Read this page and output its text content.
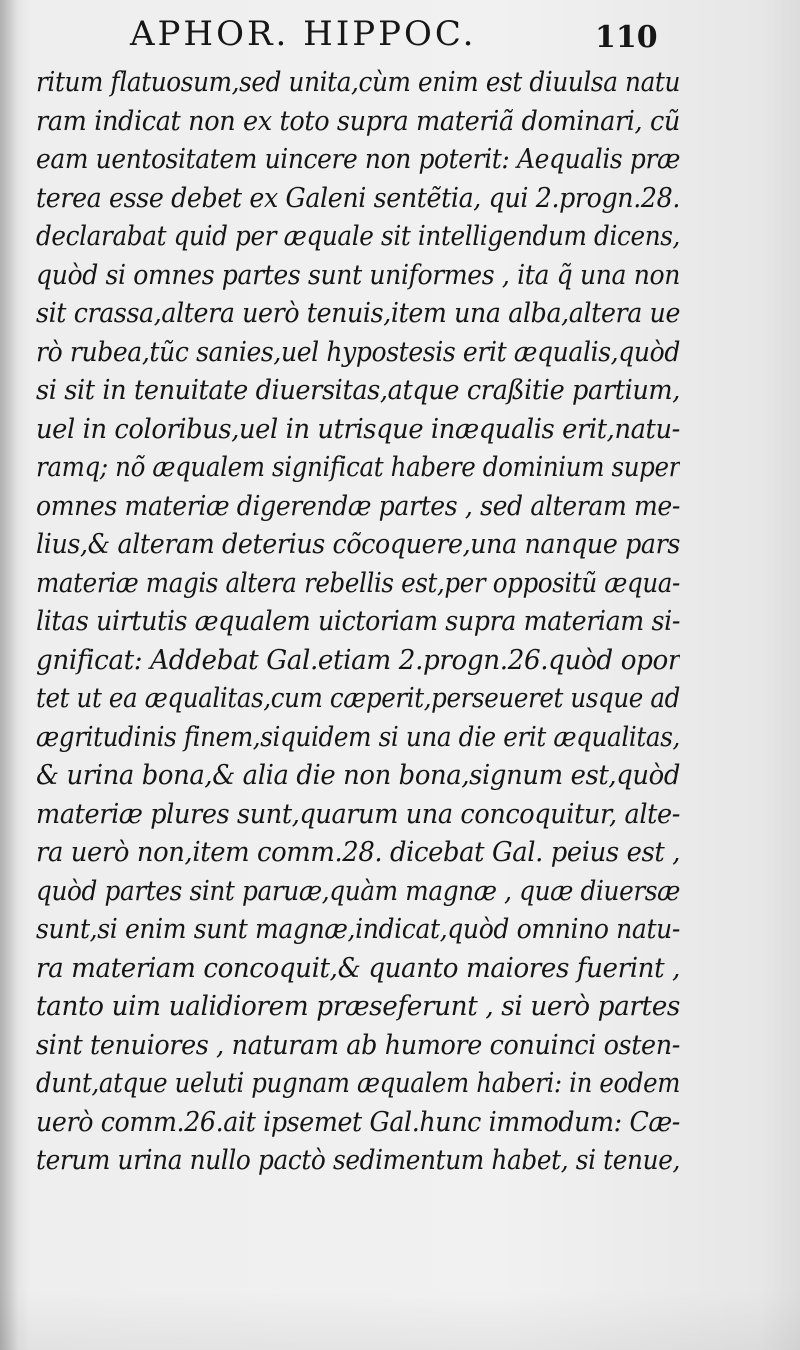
APHOR. HIPPOC.	110
ritum flatuosum,sed unita,cùm enim est diuulsa natu
ram indicat non ex toto supra materiã dominari, cũ
eam uentositatem uincere non poterit: Aequalis præ
terea esse debet ex Galeni sentẽtia, qui 2.progn.28.
declarabat quid per æquale sit intelligendum dicens,
quòd si omnes partes sunt uniformes , ita q̃ una non
sit crassa,altera uerò tenuis,item una alba,altera ue
rò rubea,tũc sanies,uel hypostesis erit æqualis,quòd
si sit in tenuitate diuersitas,atque craßitie partium,
uel in coloribus,uel in utrisque inæqualis erit,natu-
ramq; nõ æqualem significat habere dominium super
omnes materiæ digerendæ partes , sed alteram me-
lius,& alteram deterius cõcoquere,una nanque pars
materiæ magis altera rebellis est,per oppositũ æqua-
litas uirtutis æqualem uictoriam supra materiam si-
gnificat: Addebat Gal.etiam 2.progn.26.quòd opor
tet ut ea æqualitas,cum cæperit,perseueret usque ad
ægritudinis finem,siquidem si una die erit æqualitas,
& urina bona,& alia die non bona,signum est,quòd
materiæ plures sunt,quarum una concoquitur, alte-
ra uerò non,item comm.28. dicebat Gal. peius est ,
quòd partes sint paruæ,quàm magnæ , quæ diuersæ
sunt,si enim sunt magnæ,indicat,quòd omnino natu-
ra materiam concoquit,& quanto maiores fuerint ,
tanto uim ualidiorem præseferunt , si uerò partes
sint tenuiores , naturam ab humore conuinci osten-
dunt,atque ueluti pugnam æqualem haberi: in eodem
uerò comm.26.ait ipsemet Gal.hunc immodum: Cæ-
terum urina nullo pactò sedimentum habet, si tenue,
